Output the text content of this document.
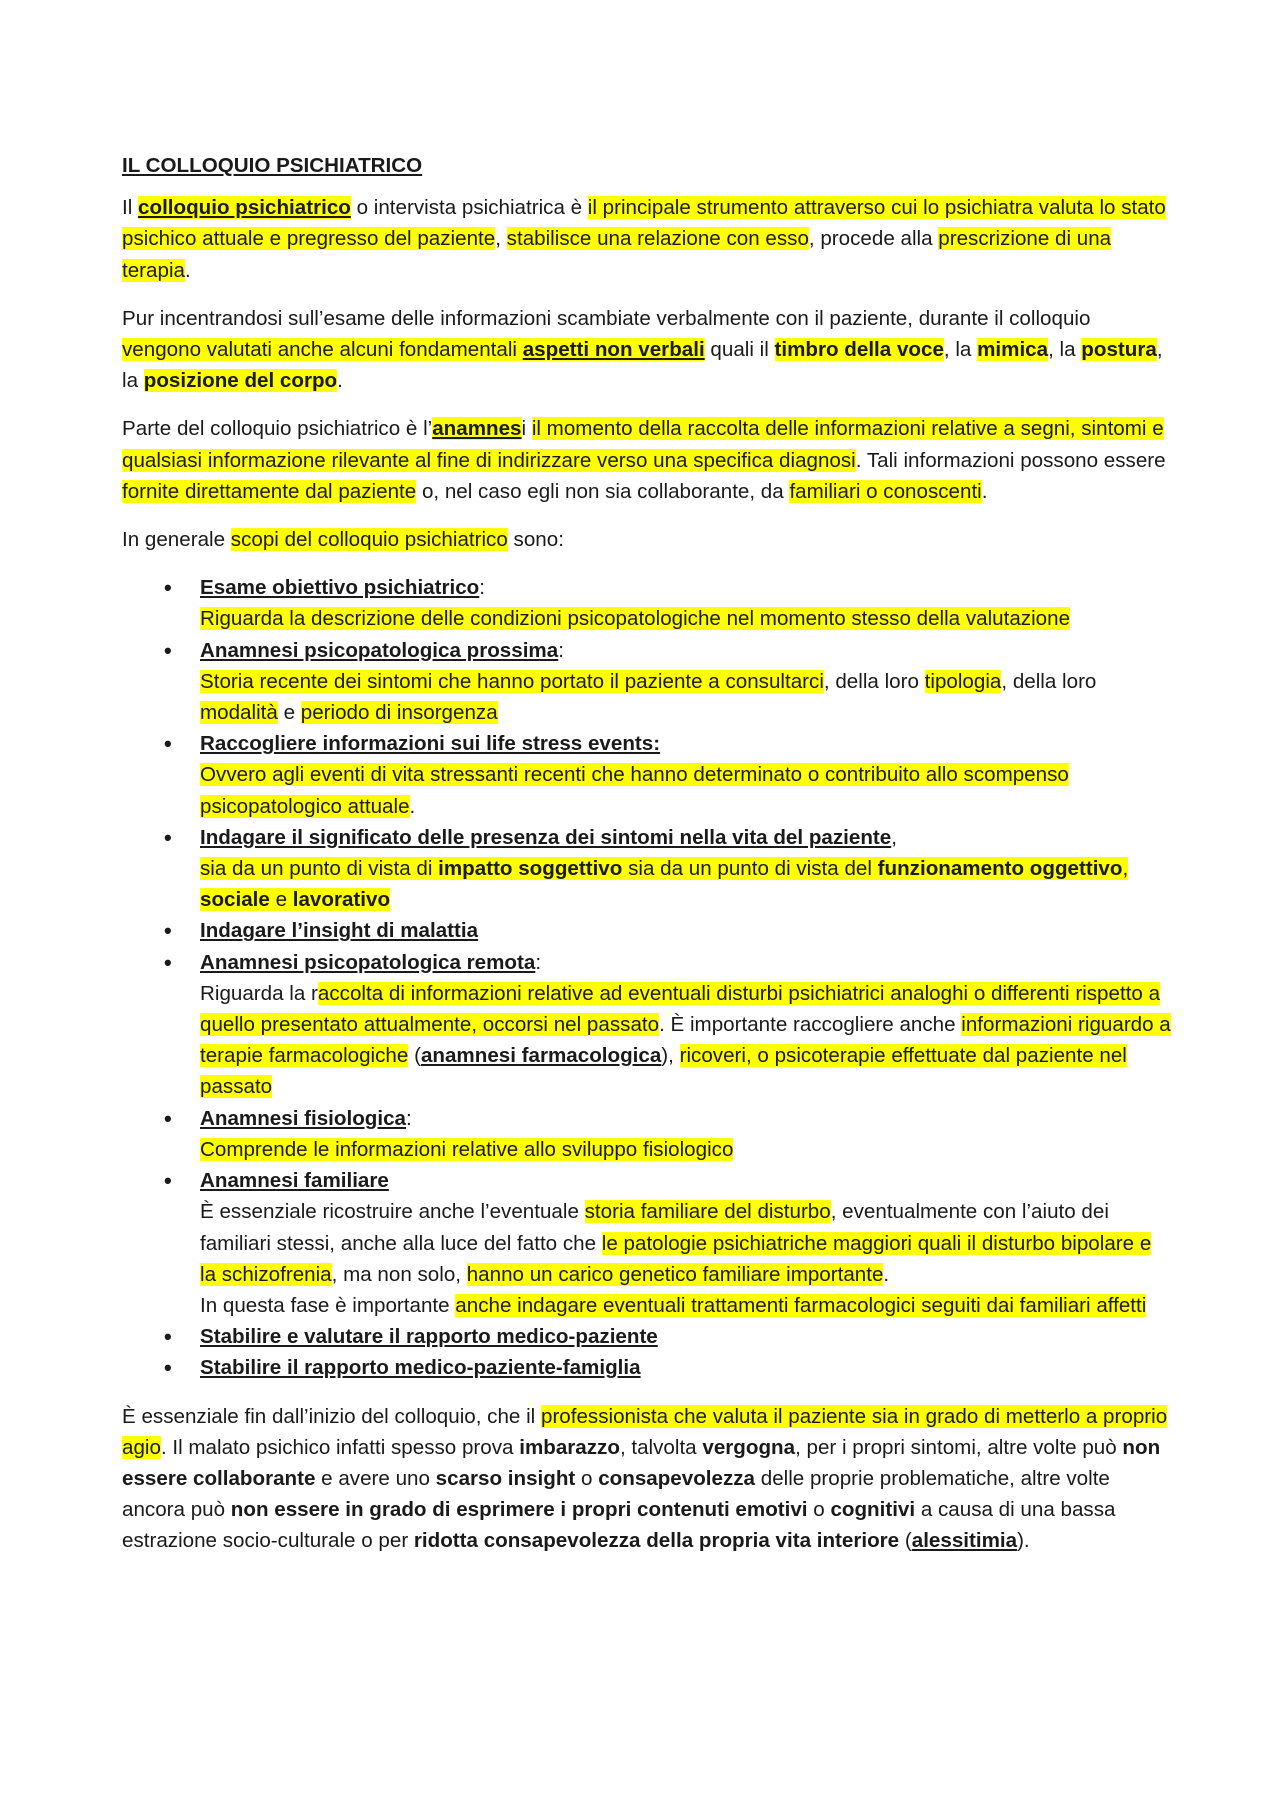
IL COLLOQUIO PSICHIATRICO

Il colloquio psichiatrico o intervista psichiatrica è il principale strumento attraverso cui lo psichiatra valuta lo stato psichico attuale e pregresso del paziente, stabilisce una relazione con esso, procede alla prescrizione di una terapia.

Pur incentrandosi sull’esame delle informazioni scambiate verbalmente con il paziente, durante il colloquio vengono valutati anche alcuni fondamentali aspetti non verbali quali il timbro della voce, la mimica, la postura, la posizione del corpo.

Parte del colloquio psichiatrico è l’anamnesi il momento della raccolta delle informazioni relative a segni, sintomi e qualsiasi informazione rilevante al fine di indirizzare verso una specifica diagnosi. Tali informazioni possono essere fornite direttamente dal paziente o, nel caso egli non sia collaborante, da familiari o conoscenti.

In generale scopi del colloquio psichiatrico sono:

• Esame obiettivo psichiatrico:
Riguarda la descrizione delle condizioni psicopatologiche nel momento stesso della valutazione
• Anamnesi psicopatologica prossima:
Storia recente dei sintomi che hanno portato il paziente a consultarci, della loro tipologia, della loro modalità e periodo di insorgenza
• Raccogliere informazioni sui life stress events:
Ovvero agli eventi di vita stressanti recenti che hanno determinato o contribuito allo scompenso psicopatologico attuale.
• Indagare il significato delle presenza dei sintomi nella vita del paziente,
sia da un punto di vista di impatto soggettivo sia da un punto di vista del funzionamento oggettivo, sociale e lavorativo
• Indagare l’insight di malattia
• Anamnesi psicopatologica remota:
Riguarda la raccolta di informazioni relative ad eventuali disturbi psichiatrici analoghi o differenti rispetto a quello presentato attualmente, occorsi nel passato. È importante raccogliere anche informazioni riguardo a terapie farmacologiche (anamnesi farmacologica), ricoveri, o psicoterapie effettuate dal paziente nel passato
• Anamnesi fisiologica:
Comprende le informazioni relative allo sviluppo fisiologico
• Anamnesi familiare
È essenziale ricostruire anche l’eventuale storia familiare del disturbo, eventualmente con l’aiuto dei familiari stessi, anche alla luce del fatto che le patologie psichiatriche maggiori quali il disturbo bipolare e la schizofrenia, ma non solo, hanno un carico genetico familiare importante.
In questa fase è importante anche indagare eventuali trattamenti farmacologici seguiti dai familiari affetti
• Stabilire e valutare il rapporto medico-paziente
• Stabilire il rapporto medico-paziente-famiglia

È essenziale fin dall’inizio del colloquio, che il professionista che valuta il paziente sia in grado di metterlo a proprio agio. Il malato psichico infatti spesso prova imbarazzo, talvolta vergogna, per i propri sintomi, altre volte può non essere collaborante e avere uno scarso insight o consapevolezza delle proprie problematiche, altre volte ancora può non essere in grado di esprimere i propri contenuti emotivi o cognitivi a causa di una bassa estrazione socio-culturale o per ridotta consapevolezza della propria vita interiore (alessitimia).
